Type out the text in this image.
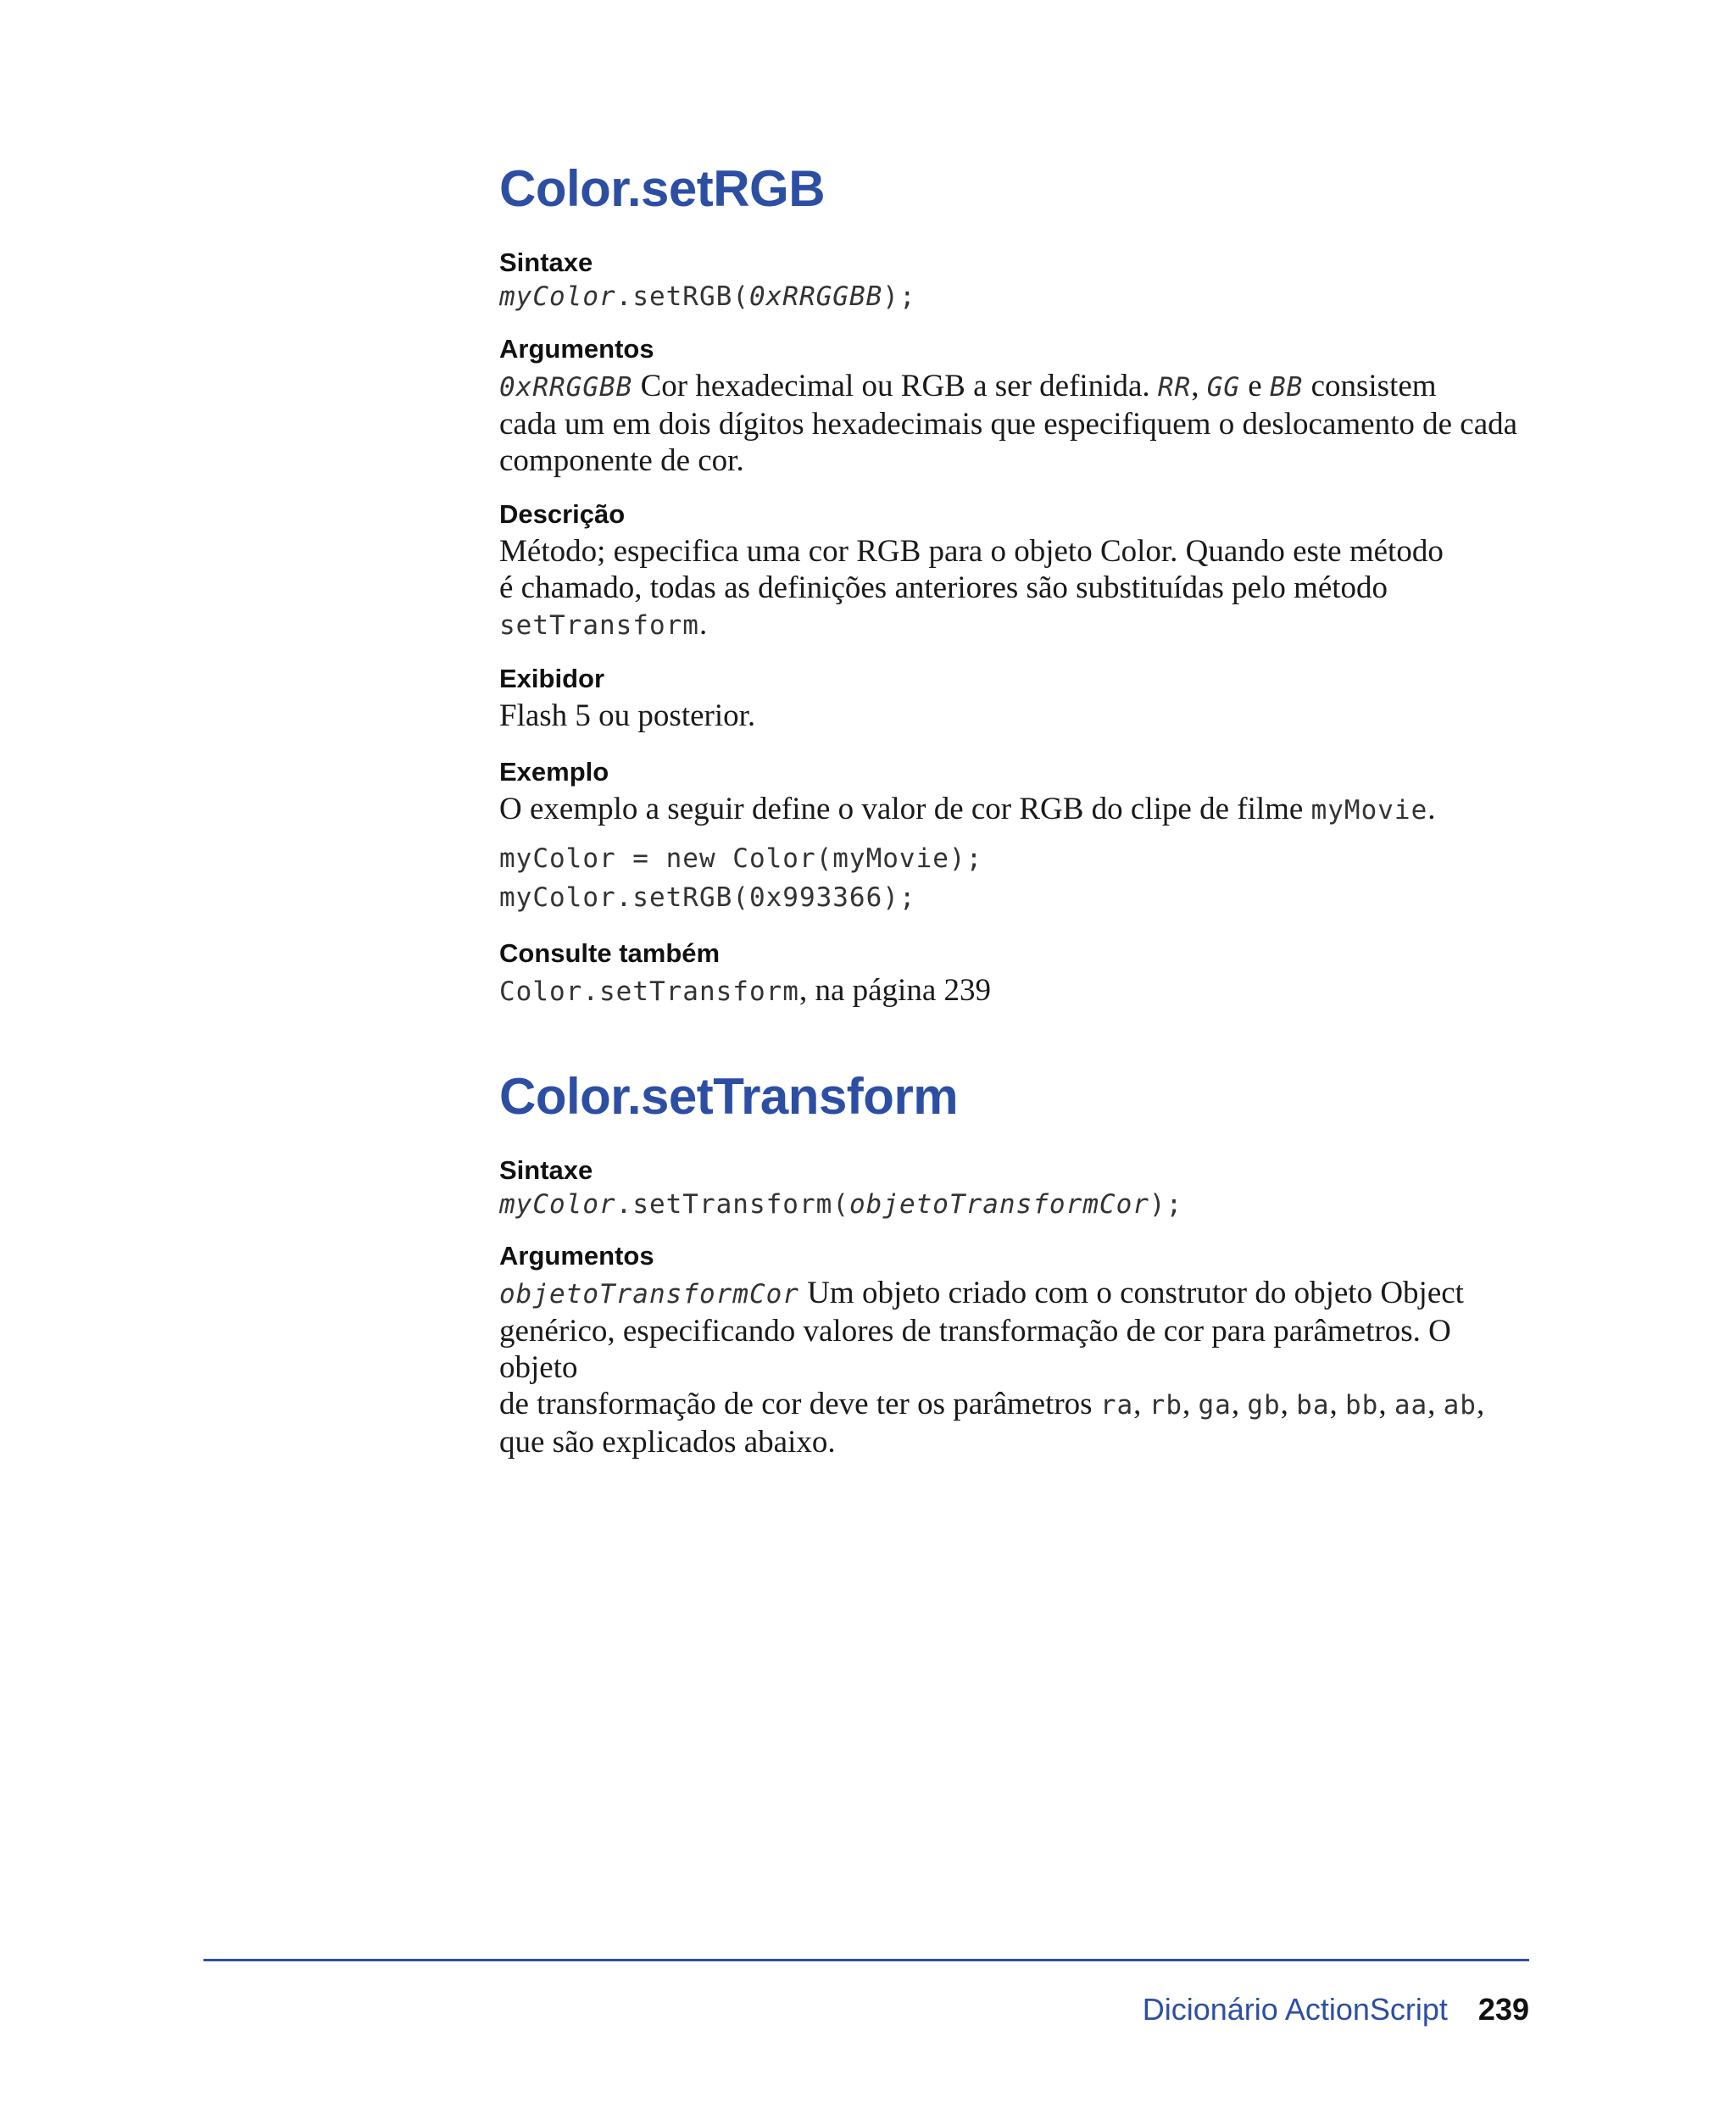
Color.setRGB

Sintaxe

myColor.setRGB(0xRRGGBB);

Argumentos

0xRRGGBB Cor hexadecimal ou RGB a ser definida. RR, GG e BB consistem
cada um em dois dígitos hexadecimais que especifiquem o deslocamento de cada
componente de cor.

Descrição

Método; especifica uma cor RGB para o objeto Color. Quando este método
é chamado, todas as definições anteriores são substituídas pelo método
setTransform.

Exibidor

Flash 5 ou posterior.

Exemplo

O exemplo a seguir define o valor de cor RGB do clipe de filme myMovie.

myColor = new Color(myMovie);
myColor.setRGB(0x993366);

Consulte também

Color.setTransform, na página 239

Color.setTransform

Sintaxe

myColor.setTransform(objetoTransformCor);

Argumentos

objetoTransformCor Um objeto criado com o construtor do objeto Object
genérico, especificando valores de transformação de cor para parâmetros. O objeto
de transformação de cor deve ter os parâmetros ra, rb, ga, gb, ba, bb, aa, ab,
que são explicados abaixo.

Dicionário ActionScript 239
